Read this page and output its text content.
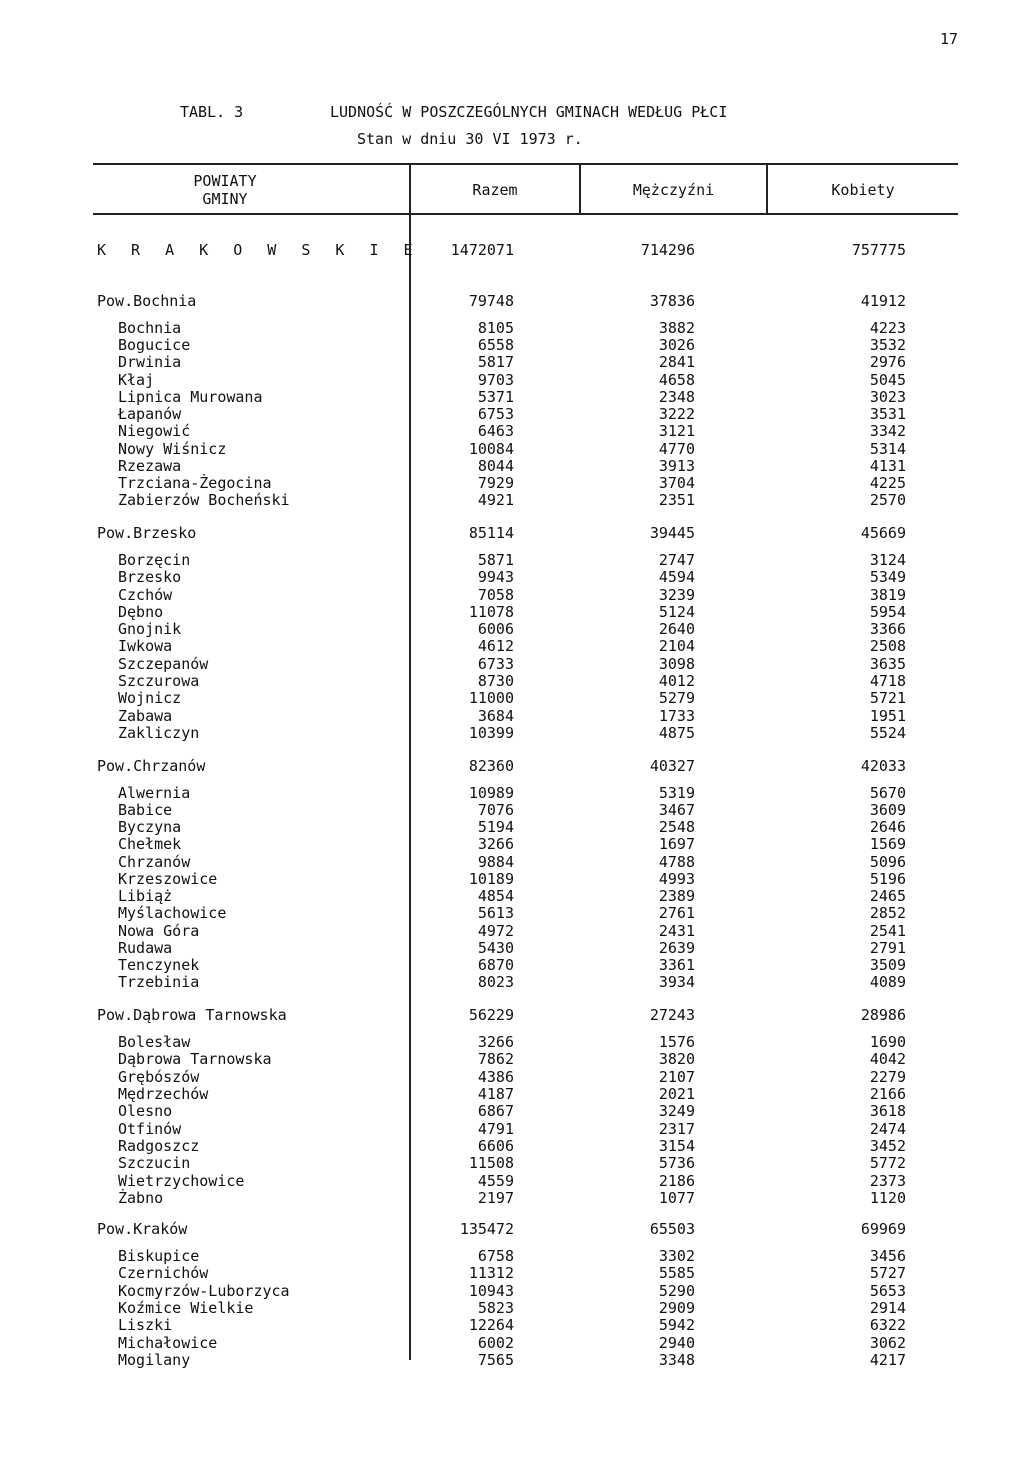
17
TABL. 3	LUDNOŚĆ W POSZCZEGÓLNYCH GMINACH WEDŁUG PŁCI
Stan w dniu 30 VI 1973 r.
POWIATY
GMINY	Razem	Mężczyźni	Kobiety
K R A K O W S K I E	1472071	714296	757775
Pow.Bochnia	79748	37836	41912
Bochnia	8105	3882	4223
Bogucice	6558	3026	3532
Drwinia	5817	2841	2976
Kłaj	9703	4658	5045
Lipnica Murowana	5371	2348	3023
Łapanów	6753	3222	3531
Niegowić	6463	3121	3342
Nowy Wiśnicz	10084	4770	5314
Rzezawa	8044	3913	4131
Trzciana-Żegocina	7929	3704	4225
Zabierzów Bocheński	4921	2351	2570
Pow.Brzesko	85114	39445	45669
Borzęcin	5871	2747	3124
Brzesko	9943	4594	5349
Czchów	7058	3239	3819
Dębno	11078	5124	5954
Gnojnik	6006	2640	3366
Iwkowa	4612	2104	2508
Szczepanów	6733	3098	3635
Szczurowa	8730	4012	4718
Wojnicz	11000	5279	5721
Zabawa	3684	1733	1951
Zakliczyn	10399	4875	5524
Pow.Chrzanów	82360	40327	42033
Alwernia	10989	5319	5670
Babice	7076	3467	3609
Byczyna	5194	2548	2646
Chełmek	3266	1697	1569
Chrzanów	9884	4788	5096
Krzeszowice	10189	4993	5196
Libiąż	4854	2389	2465
Myślachowice	5613	2761	2852
Nowa Góra	4972	2431	2541
Rudawa	5430	2639	2791
Tenczynek	6870	3361	3509
Trzebinia	8023	3934	4089
Pow.Dąbrowa Tarnowska	56229	27243	28986
Bolesław	3266	1576	1690
Dąbrowa Tarnowska	7862	3820	4042
Grębószów	4386	2107	2279
Mędrzechów	4187	2021	2166
Olesno	6867	3249	3618
Otfinów	4791	2317	2474
Radgoszcz	6606	3154	3452
Szczucin	11508	5736	5772
Wietrzychowice	4559	2186	2373
Żabno	2197	1077	1120
Pow.Kraków	135472	65503	69969
Biskupice	6758	3302	3456
Czernichów	11312	5585	5727
Kocmyrzów-Luborzyca	10943	5290	5653
Koźmice Wielkie	5823	2909	2914
Liszki	12264	5942	6322
Michałowice	6002	2940	3062
Mogilany	7565	3348	4217
